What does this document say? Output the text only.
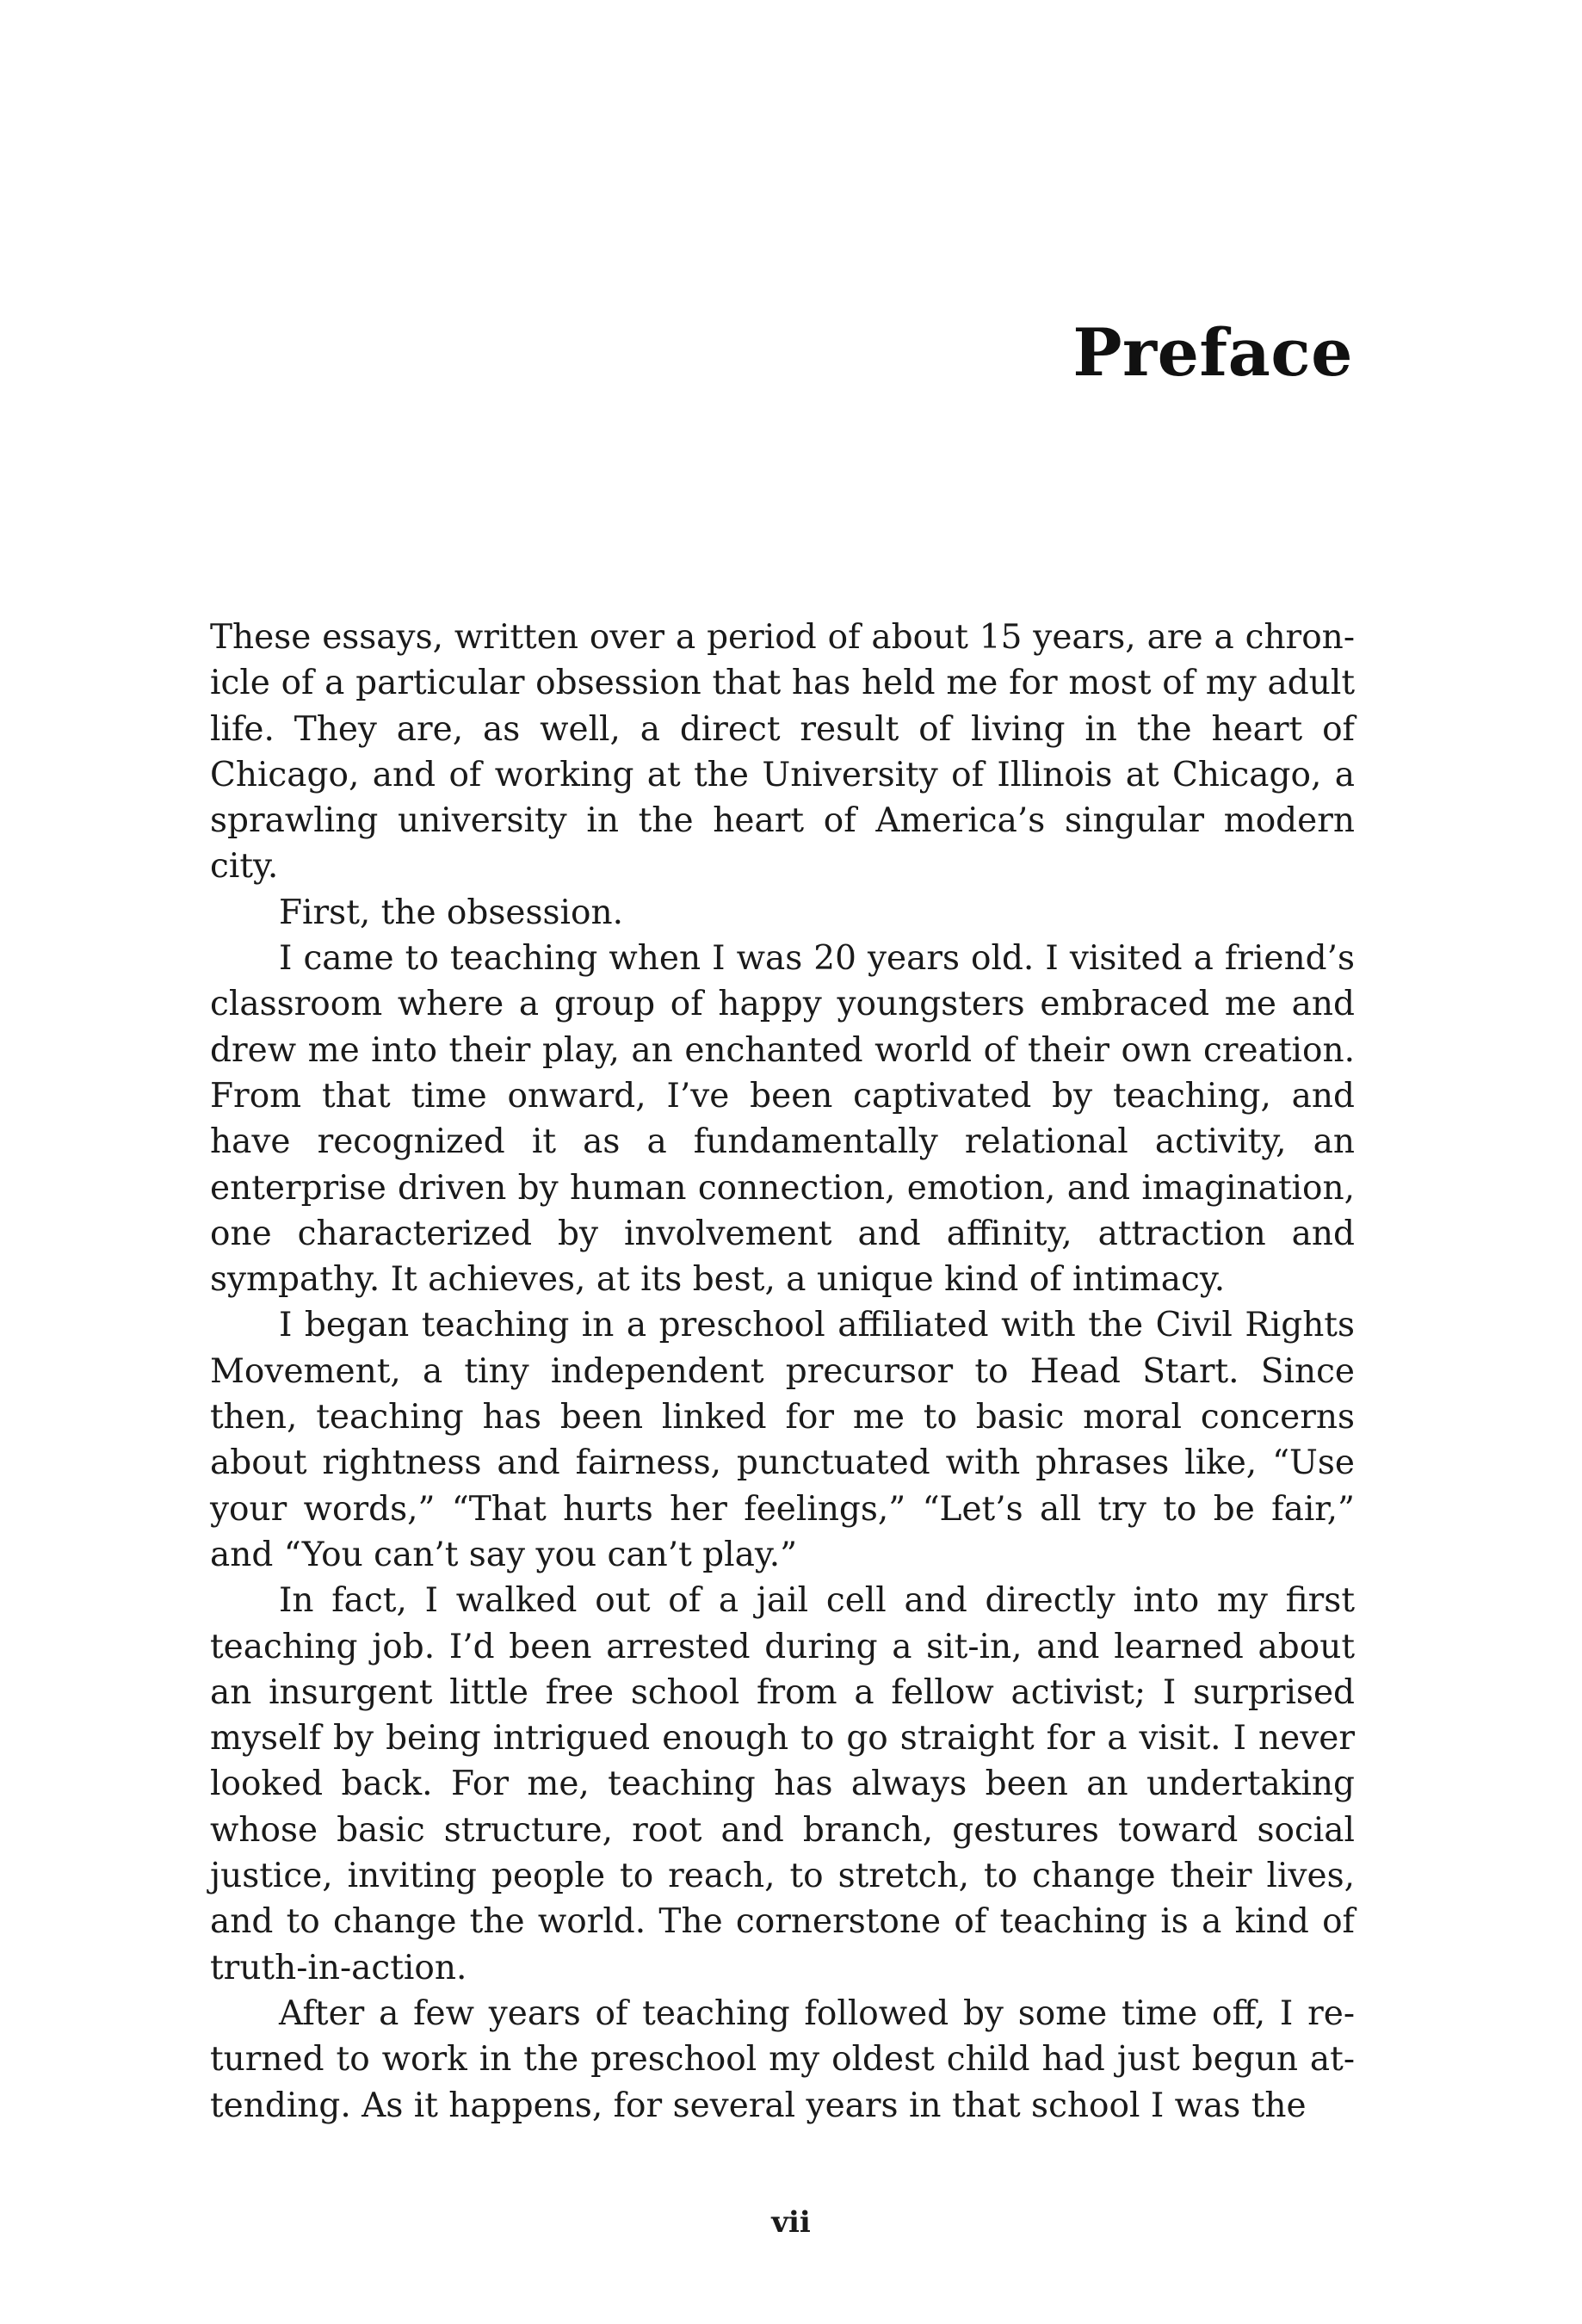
Preface

These essays, written over a period of about 15 years, are a chronicle of a particular obsession that has held me for most of my adult life. They are, as well, a direct result of living in the heart of Chicago, and of working at the University of Illinois at Chicago, a sprawling university in the heart of America’s singular modern city.

First, the obsession.

I came to teaching when I was 20 years old. I visited a friend’s classroom where a group of happy youngsters embraced me and drew me into their play, an enchanted world of their own creation. From that time onward, I’ve been captivated by teaching, and have recognized it as a fundamentally relational activity, an enterprise driven by human connection, emotion, and imagination, one characterized by involvement and affinity, attraction and sympathy. It achieves, at its best, a unique kind of intimacy.

I began teaching in a preschool affiliated with the Civil Rights Movement, a tiny independent precursor to Head Start. Since then, teaching has been linked for me to basic moral concerns about rightness and fairness, punctuated with phrases like, “Use your words,” “That hurts her feelings,” “Let’s all try to be fair,” and “You can’t say you can’t play.”

In fact, I walked out of a jail cell and directly into my first teaching job. I’d been arrested during a sit-in, and learned about an insurgent little free school from a fellow activist; I surprised myself by being intrigued enough to go straight for a visit. I never looked back. For me, teaching has always been an undertaking whose basic structure, root and branch, gestures toward social justice, inviting people to reach, to stretch, to change their lives, and to change the world. The cornerstone of teaching is a kind of truth-in-action.

After a few years of teaching followed by some time off, I returned to work in the preschool my oldest child had just begun attending. As it happens, for several years in that school I was the

vii
